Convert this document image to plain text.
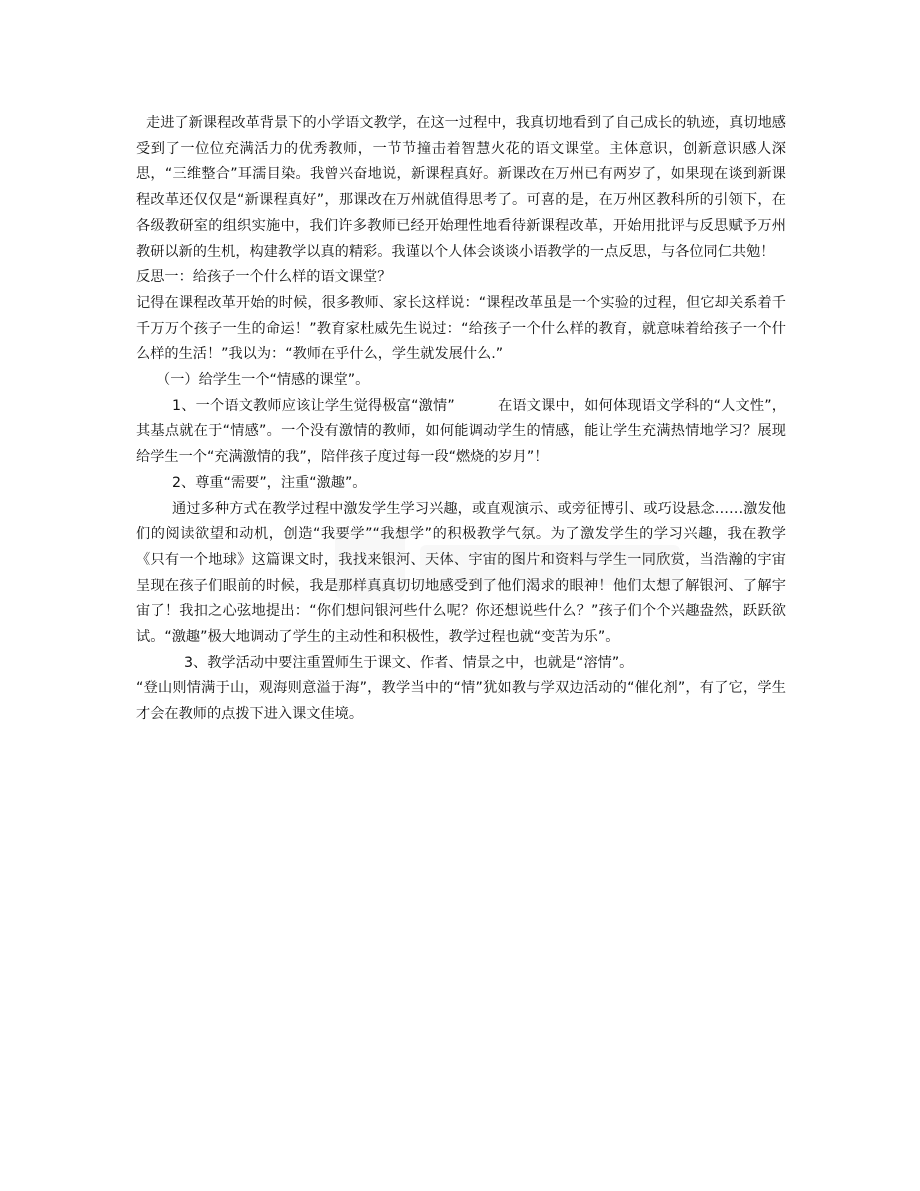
走进了新课程改革背景下的小学语文教学，在这一过程中，我真切地看到了自己成长的轨迹，真切地感受到了一位位充满活力的优秀教师，一节节撞击着智慧火花的语文课堂。主体意识，创新意识感人深思，“三维整合”耳濡目染。我曾兴奋地说，新课程真好。新课改在万州已有两岁了，如果现在谈到新课程改革还仅仅是“新课程真好”，那课改在万州就值得思考了。可喜的是，在万州区教科所的引领下，在各级教研室的组织实施中，我们许多教师已经开始理性地看待新课程改革，开始用批评与反思赋予万州教研以新的生机，构建教学以真的精彩。我谨以个人体会谈谈小语教学的一点反思，与各位同仁共勉！

反思一：给孩子一个什么样的语文课堂？

记得在课程改革开始的时候，很多教师、家长这样说：“课程改革虽是一个实验的过程，但它却关系着千千万万个孩子一生的命运！”教育家杜威先生说过：“给孩子一个什么样的教育，就意味着给孩子一个什么样的生活！”我以为：“教师在乎什么，学生就发展什么.”

（一）给学生一个“情感的课堂”。

1、一个语文教师应该让学生觉得极富“激情”　　　在语文课中，如何体现语文学科的“人文性”，其基点就在于“情感”。一个没有激情的教师，如何能调动学生的情感，能让学生充满热情地学习？展现给学生一个“充满激情的我”，陪伴孩子度过每一段“燃烧的岁月”！

2、尊重“需要”，注重“激趣”。

通过多种方式在教学过程中激发学生学习兴趣，或直观演示、或旁征博引、或巧设悬念……激发他们的阅读欲望和动机，创造“我要学”“我想学”的积极教学气氛。为了激发学生的学习兴趣，我在教学《只有一个地球》这篇课文时，我找来银河、天体、宇宙的图片和资料与学生一同欣赏，当浩瀚的宇宙呈现在孩子们眼前的时候，我是那样真真切切地感受到了他们渴求的眼神！他们太想了解银河、了解宇宙了！我扣之心弦地提出：“你们想问银河些什么呢？你还想说些什么？”孩子们个个兴趣盎然，跃跃欲试。“激趣”极大地调动了学生的主动性和积极性，教学过程也就“变苦为乐”。

3、教学活动中要注重置师生于课文、作者、情景之中，也就是“溶情”。

“登山则情满于山，观海则意溢于海”，教学当中的“情”犹如教与学双边活动的“催化剂”，有了它，学生才会在教师的点拨下进入课文佳境。
